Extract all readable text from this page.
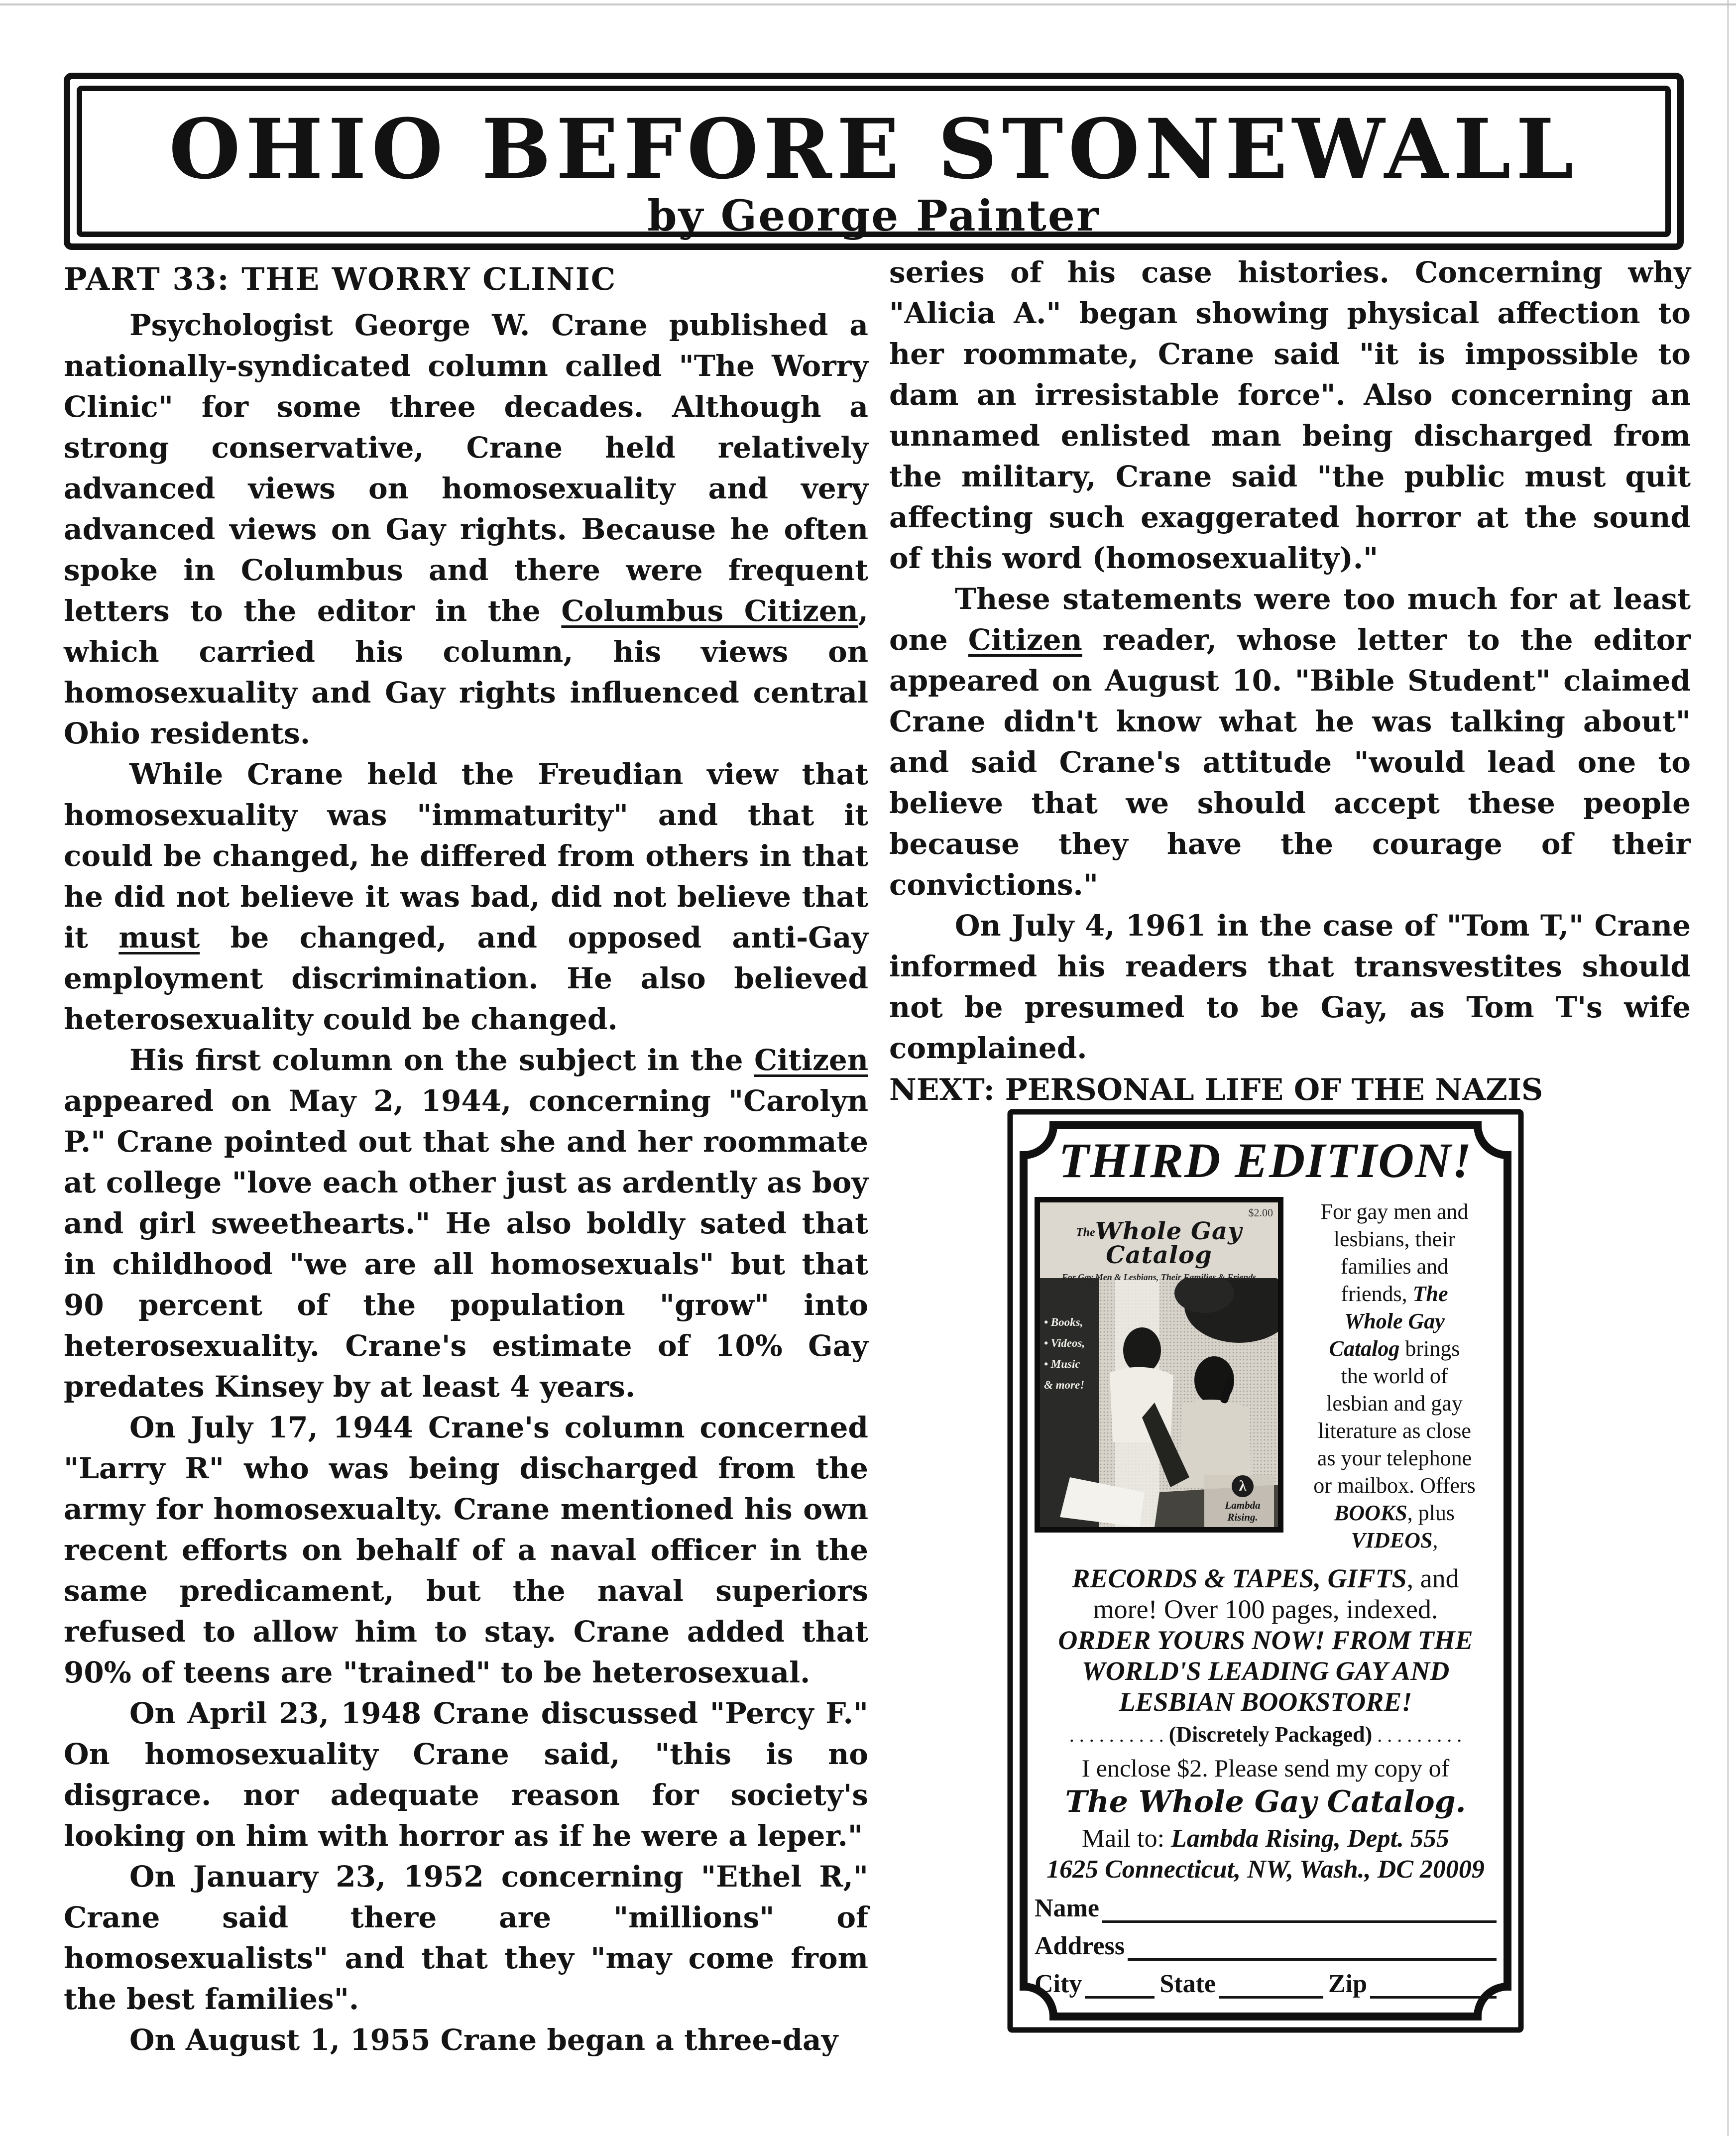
OHIO BEFORE STONEWALL
by George Painter
PART 33: THE WORRY CLINIC

Psychologist George W. Crane published a nationally-syndicated column called "The Worry Clinic" for some three decades. Although a strong conservative, Crane held relatively advanced views on homosexuality and very advanced views on Gay rights. Because he often spoke in Columbus and there were frequent letters to the editor in the Columbus Citizen, which carried his column, his views on homosexuality and Gay rights influenced central Ohio residents.

While Crane held the Freudian view that homosexuality was "immaturity" and that it could be changed, he differed from others in that he did not believe it was bad, did not believe that it must be changed, and opposed anti-Gay employment discrimination. He also believed heterosexuality could be changed.

His first column on the subject in the Citizen appeared on May 2, 1944, concerning "Carolyn P." Crane pointed out that she and her roommate at college "love each other just as ardently as boy and girl sweethearts." He also boldly sated that in childhood "we are all homosexuals" but that 90 percent of the population "grow" into heterosexuality. Crane's estimate of 10% Gay predates Kinsey by at least 4 years.

On July 17, 1944 Crane's column concerned "Larry R" who was being discharged from the army for homosexualty. Crane mentioned his own recent efforts on behalf of a naval officer in the same predicament, but the naval superiors refused to allow him to stay. Crane added that 90% of teens are "trained" to be heterosexual.

On April 23, 1948 Crane discussed "Percy F." On homosexuality Crane said, "this is no disgrace. nor adequate reason for society's looking on him with horror as if he were a leper."

On January 23, 1952 concerning "Ethel R," Crane said there are "millions" of homosexualists" and that they "may come from the best families".

On August 1, 1955 Crane began a three-day

series of his case histories. Concerning why "Alicia A." began showing physical affection to her roommate, Crane said "it is impossible to dam an irresistable force". Also concerning an unnamed enlisted man being discharged from the military, Crane said "the public must quit affecting such exaggerated horror at the sound of this word (homosexuality)."

These statements were too much for at least one Citizen reader, whose letter to the editor appeared on August 10. "Bible Student" claimed Crane didn't know what he was talking about" and said Crane's attitude "would lead one to believe that we should accept these people because they have the courage of their convictions."

On July 4, 1961 in the case of "Tom T," Crane informed his readers that transvestites should not be presumed to be Gay, as Tom T's wife complained.

NEXT: PERSONAL LIFE OF THE NAZIS
THIRD EDITION!
$2.00
TheWhole Gay Catalog
For Gay Men & Lesbians, Their Families & Friends
• Books,
• Videos,
• Music
& more!
λ
Lambda Rising.
For gay men and
lesbians, their
families and
friends, The
Whole Gay
Catalog brings
the world of
lesbian and gay
literature as close
as your telephone
or mailbox. Offers
BOOKS, plus
VIDEOS,
RECORDS & TAPES, GIFTS, and
more! Over 100 pages, indexed.
ORDER YOURS NOW! FROM THE
WORLD'S LEADING GAY AND
LESBIAN BOOKSTORE!
. . . . . . . . . . (Discretely Packaged) . . . . . . . . .
I enclose $2. Please send my copy of
The Whole Gay Catalog.
Mail to: Lambda Rising, Dept. 555
1625 Connecticut, NW, Wash., DC 20009
Name
Address
City	State	Zip
